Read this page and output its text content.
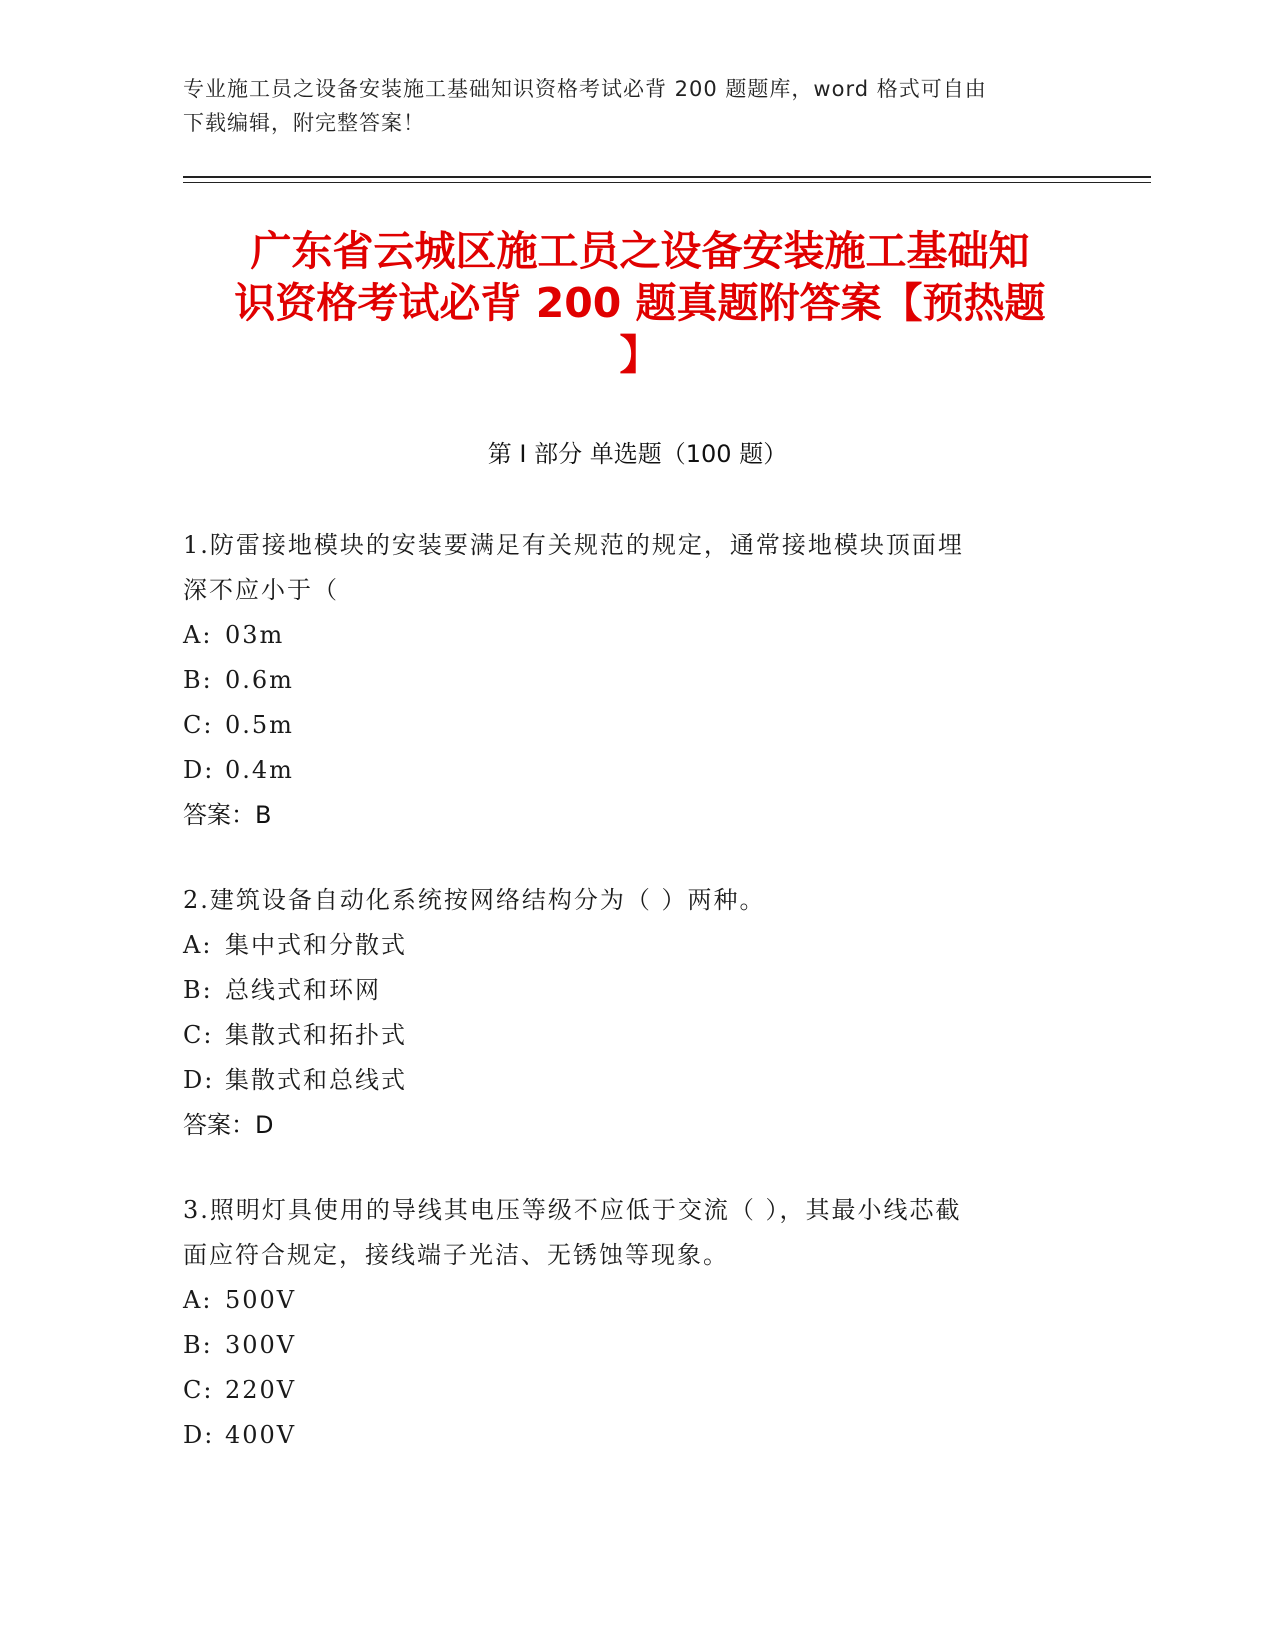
专业施工员之设备安装施工基础知识资格考试必背 200 题题库，word 格式可自由
下载编辑，附完整答案！
广东省云城区施工员之设备安装施工基础知
识资格考试必背 200 题真题附答案【预热题
】
第 I 部分 单选题（100 题）
1.防雷接地模块的安装要满足有关规范的规定，通常接地模块顶面埋
深不应小于（
A: 03m
B: 0.6m
C: 0.5m
D: 0.4m
答案：B
2.建筑设备自动化系统按网络结构分为（ ）两种。
A: 集中式和分散式
B: 总线式和环网
C: 集散式和拓扑式
D: 集散式和总线式
答案：D
3.照明灯具使用的导线其电压等级不应低于交流（ ），其最小线芯截
面应符合规定，接线端子光洁、无锈蚀等现象。
A: 500V
B: 300V
C: 220V
D: 400V
